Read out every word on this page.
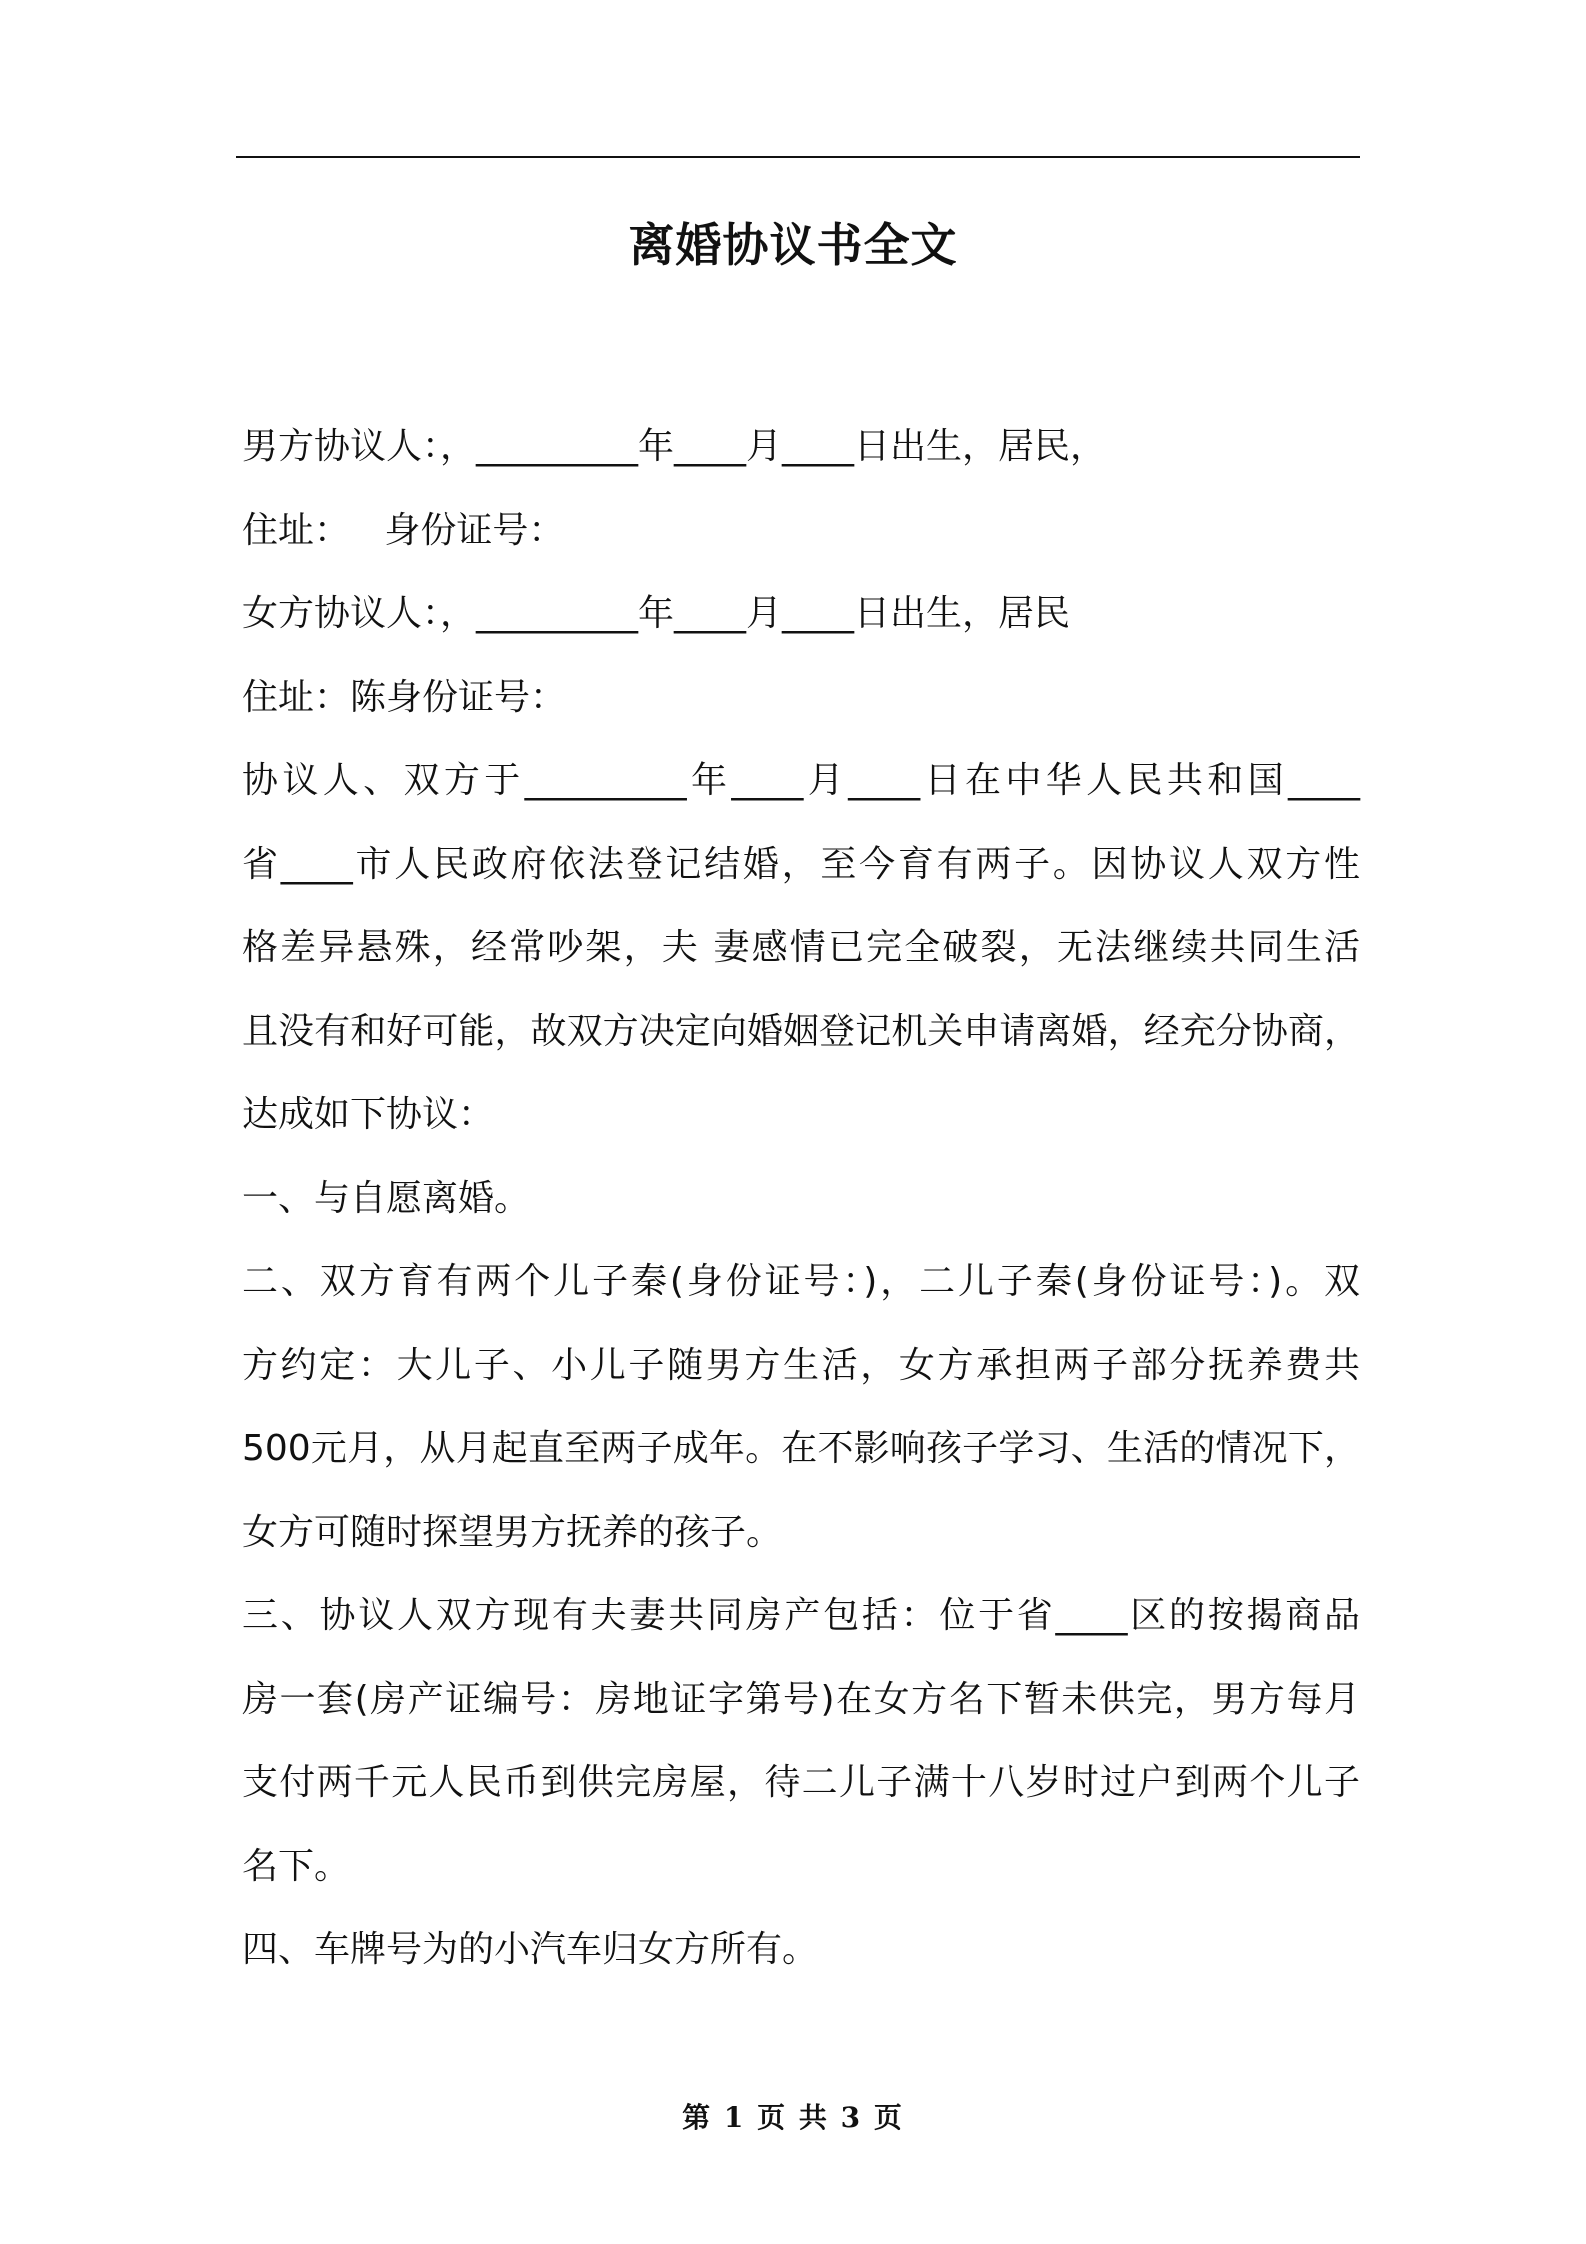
离婚协议书全文
男方协议人：，_________年____月____日出生，居民，
住址：   身份证号：
女方协议人：，_________年____月____日出生，居民
住址：陈身份证号：
协议人、双方于_________年____月____日在中华人民共和国____
省____市人民政府依法登记结婚，至今育有两子。因协议人双方性
格差异悬殊，经常吵架，夫 妻感情已完全破裂，无法继续共同生活
且没有和好可能，故双方决定向婚姻登记机关申请离婚，经充分协商，
达成如下协议：
一、与自愿离婚。
二、双方育有两个儿子秦(身份证号：)，二儿子秦(身份证号：)。双
方约定：大儿子、小儿子随男方生活，女方承担两子部分抚养费共
500元月，从月起直至两子成年。在不影响孩子学习、生活的情况下，
女方可随时探望男方抚养的孩子。
三、协议人双方现有夫妻共同房产包括：位于省____区的按揭商品
房一套(房产证编号：房地证字第号)在女方名下暂未供完，男方每月
支付两千元人民币到供完房屋，待二儿子满十八岁时过户到两个儿子
名下。
四、车牌号为的小汽车归女方所有。
第 1 页 共 3 页
